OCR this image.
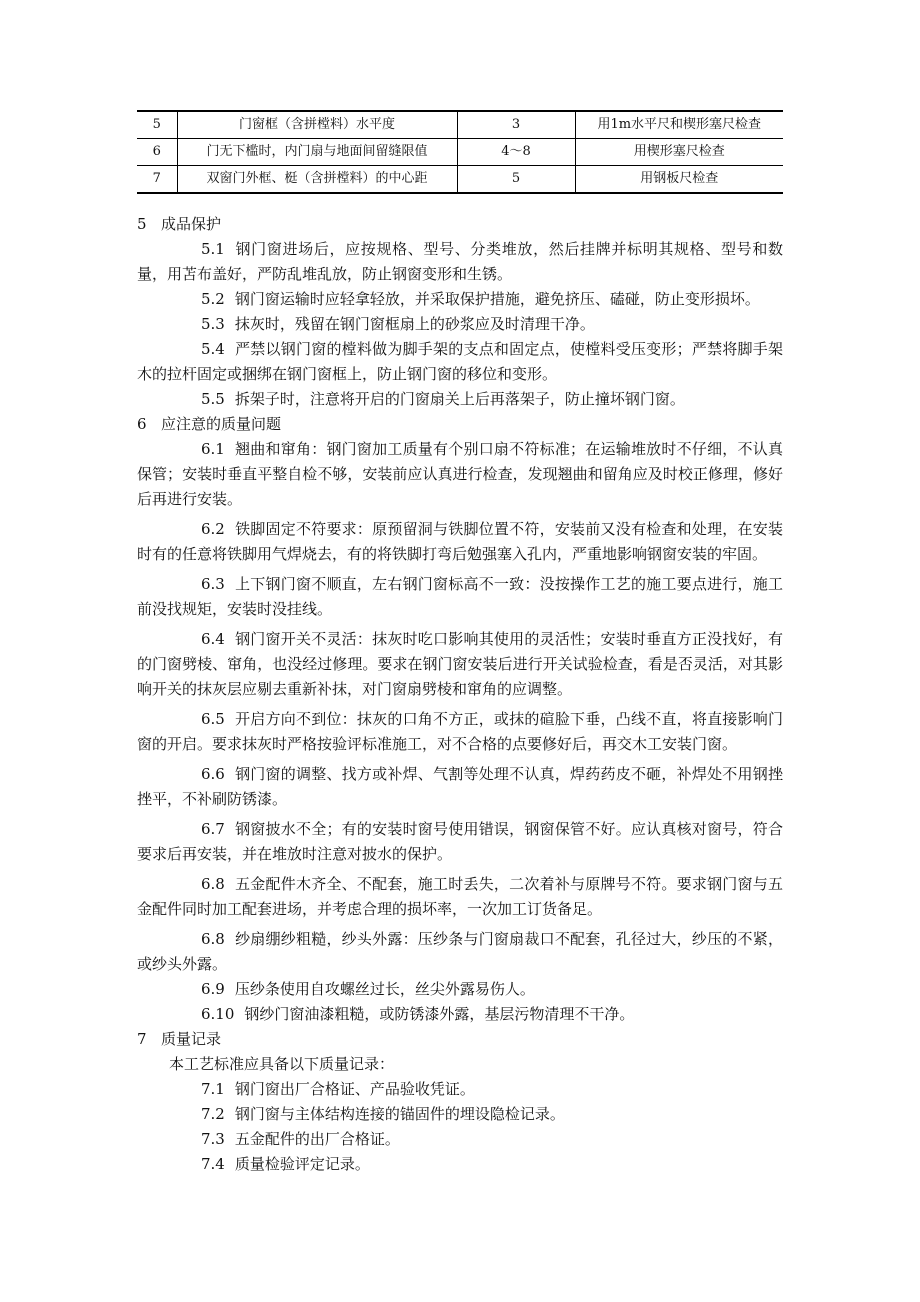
5	门窗框（含拼樘料）水平度	3	用1m水平尺和楔形塞尺检查
6	门无下槛时，内门扇与地面间留缝限值	4～8	用楔形塞尺检查
7	双窗门外框、梃（含拼樘料）的中心距	5	用钢板尺检查
5 成品保护

5.1 钢门窗进场后，应按规格、型号、分类堆放，然后挂牌并标明其规格、型号和数量，用苫布盖好，严防乱堆乱放，防止钢窗变形和生锈。

5.2 钢门窗运输时应轻拿轻放，并采取保护措施，避免挤压、磕碰，防止变形损坏。

5.3 抹灰时，残留在钢门窗框扇上的砂浆应及时清理干净。

5.4 严禁以钢门窗的樘料做为脚手架的支点和固定点，使樘料受压变形；严禁将脚手架木的拉杆固定或捆绑在钢门窗框上，防止钢门窗的移位和变形。

5.5 拆架子时，注意将开启的门窗扇关上后再落架子，防止撞坏钢门窗。

6 应注意的质量问题

6.1 翘曲和窜角：钢门窗加工质量有个别口扇不符标准；在运输堆放时不仔细，不认真保管；安装时垂直平整自检不够，安装前应认真进行检查，发现翘曲和留角应及时校正修理，修好后再进行安装。

6.2 铁脚固定不符要求：原预留洞与铁脚位置不符，安装前又没有检查和处理，在安装时有的任意将铁脚用气焊烧去，有的将铁脚打弯后勉强塞入孔内，严重地影响钢窗安装的牢固。

6.3 上下钢门窗不顺直，左右钢门窗标高不一致：没按操作工艺的施工要点进行，施工前没找规矩，安装时没挂线。

6.4 钢门窗开关不灵活：抹灰时吃口影响其使用的灵活性；安装时垂直方正没找好，有的门窗劈棱、窜角，也没经过修理。要求在钢门窗安装后进行开关试验检查，看是否灵活，对其影响开关的抹灰层应剔去重新补抹，对门窗扇劈棱和窜角的应调整。

6.5 开启方向不到位：抹灰的口角不方正，或抹的碹脸下垂，凸线不直，将直接影响门窗的开启。要求抹灰时严格按验评标准施工，对不合格的点要修好后，再交木工安装门窗。

6.6 钢门窗的调整、找方或补焊、气割等处理不认真，焊药药皮不砸，补焊处不用钢挫挫平，不补刷防锈漆。

6.7 钢窗披水不全；有的安装时窗号使用错误，钢窗保管不好。应认真核对窗号，符合要求后再安装，并在堆放时注意对披水的保护。

6.8 五金配件木齐全、不配套，施工时丢失，二次着补与原牌号不符。要求钢门窗与五金配件同时加工配套进场，并考虑合理的损坏率，一次加工订货备足。

6.8 纱扇绷纱粗糙，纱头外露：压纱条与门窗扇裁口不配套，孔径过大，纱压的不紧，或纱头外露。

6.9 压纱条使用自攻螺丝过长，丝尖外露易伤人。

6.10 钢纱门窗油漆粗糙，或防锈漆外露，基层污物清理不干净。

7 质量记录

本工艺标准应具备以下质量记录：

7.1 钢门窗出厂合格证、产品验收凭证。

7.2 钢门窗与主体结构连接的锚固件的埋设隐检记录。

7.3 五金配件的出厂合格证。

7.4 质量检验评定记录。
